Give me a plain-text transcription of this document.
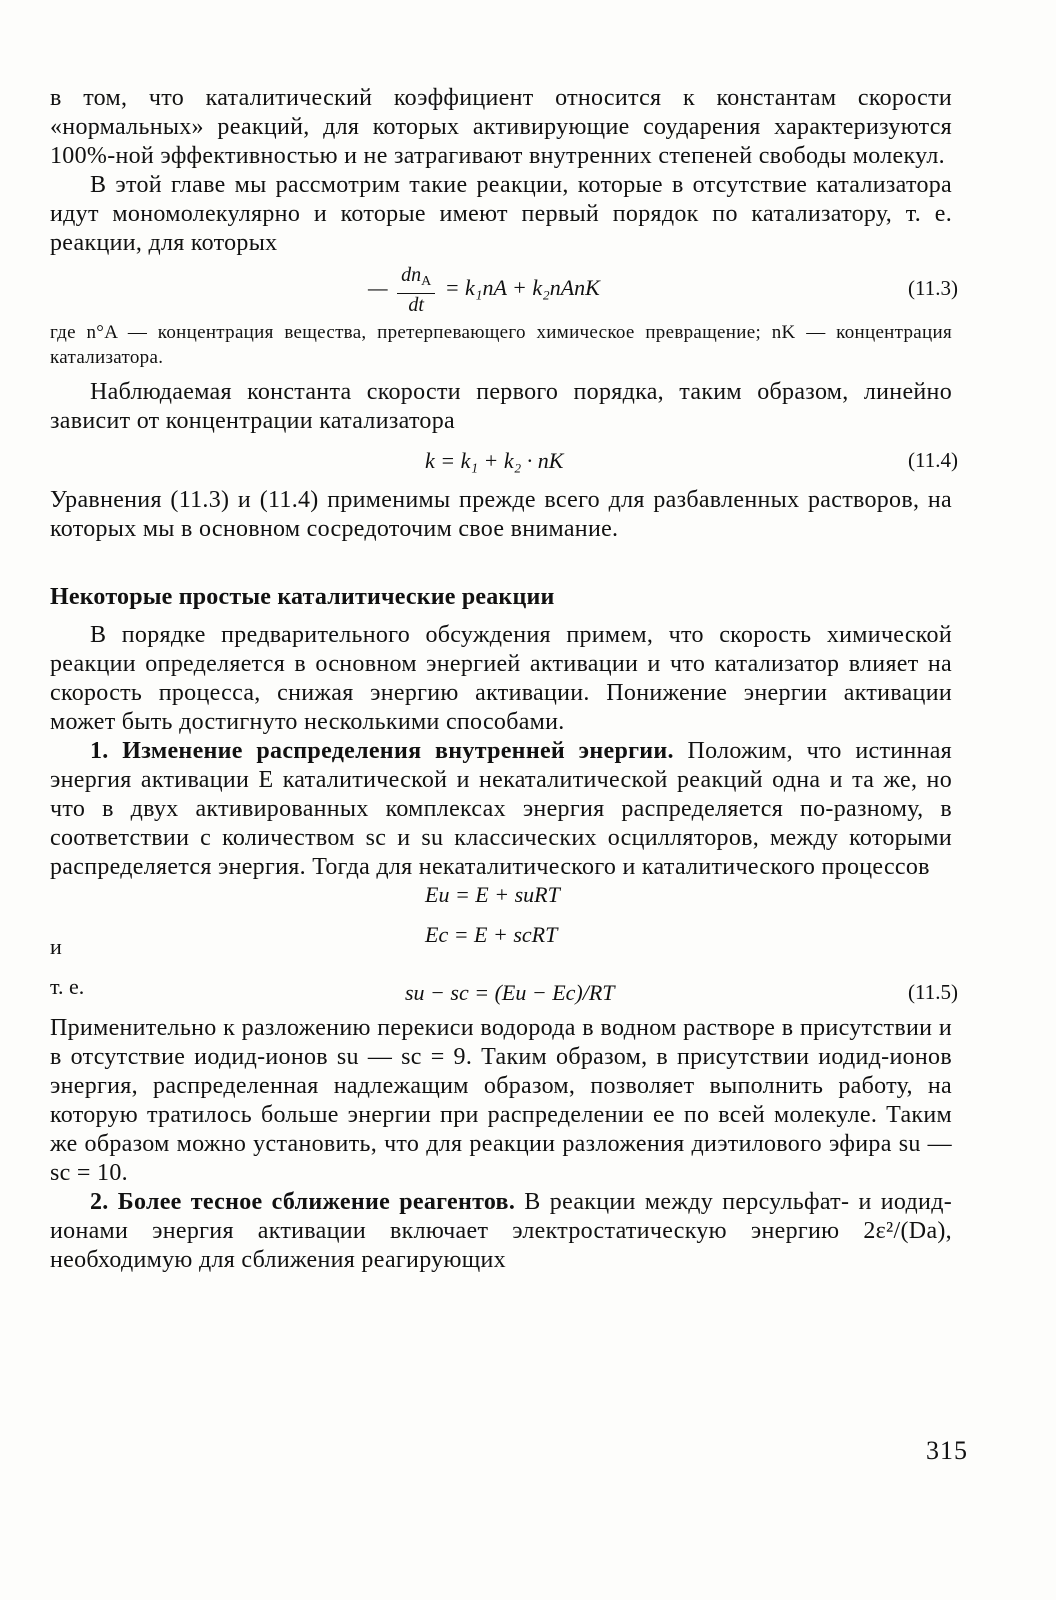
в том, что каталитический коэффициент относится к константам скорости «нормальных» реакций, для которых активирующие соударения характеризуются 100%-ной эффективностью и не затрагивают внутренних степеней свободы молекул.

В этой главе мы рассмотрим такие реакции, которые в отсутствие катализатора идут мономолекулярно и которые имеют первый порядок по катализатору, т. е. реакции, для которых

— $\frac{dn_A}{dt} = k_1nA$ + k₂nAnK	(11.3)

где n°A — концентрация вещества, претерпевающего химическое превращение; nK — концентрация катализатора.

Наблюдаемая константа скорости первого порядка, таким образом, линейно зависит от концентрации катализатора

k = k₁ + k₂ · nK	(11.4)

Уравнения (11.3) и (11.4) применимы прежде всего для разбавленных растворов, на которых мы в основном сосредоточим свое внимание.

Некоторые простые каталитические реакции

В порядке предварительного обсуждения примем, что скорость химической реакции определяется в основном энергией активации и что катализатор влияет на скорость процесса, снижая энергию активации. Понижение энергии активации может быть достигнуто несколькими способами.

1. Изменение распределения внутренней энергии. Положим, что истинная энергия активации E каталитической и некаталитической реакций одна и та же, но что в двух активированных комплексах энергия распределяется по-разному, в соответствии с количеством sc и su классических осцилляторов, между которыми распределяется энергия. Тогда для некаталитического и каталитического процессов

Eu = E + suRT
и	Ec = E + scRT
т. е.	su − sc = (Eu − Ec)/RT	(11.5)

Применительно к разложению перекиси водорода в водном растворе в присутствии и в отсутствие иодид-ионов su — sc = 9. Таким образом, в присутствии иодид-ионов энергия, распределенная надлежащим образом, позволяет выполнить работу, на которую тратилось больше энергии при распределении ее по всей молекуле. Таким же образом можно установить, что для реакции разложения диэтилового эфира su — sc = 10.

2. Более тесное сближение реагентов. В реакции между персульфат- и иодид-ионами энергия активации включает электростатическую энергию 2ε²/(Da), необходимую для сближения реагирующих

315
